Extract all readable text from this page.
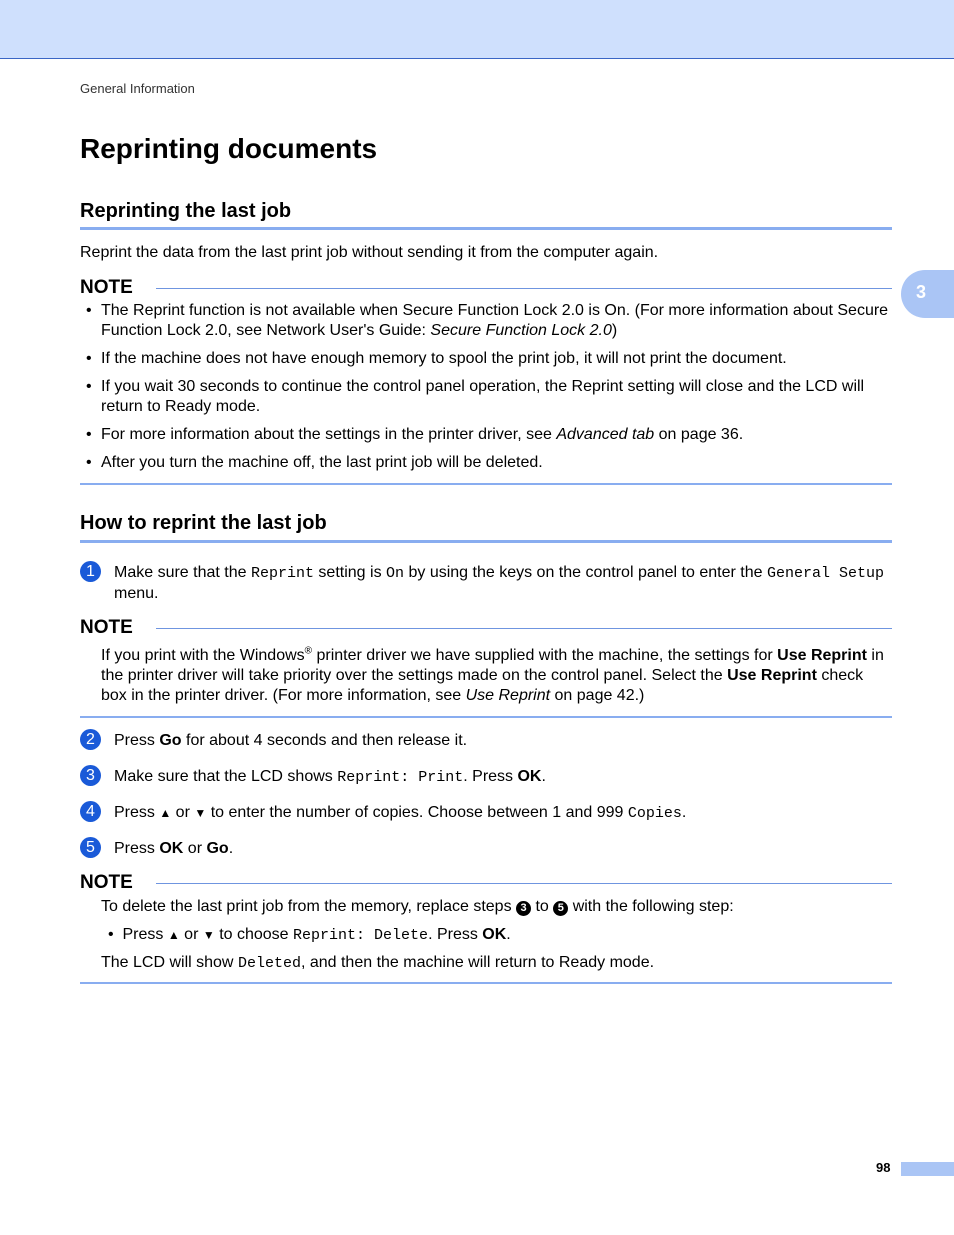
General Information
3
Reprinting documents
Reprinting the last job
Reprint the data from the last print job without sending it from the computer again.
NOTE
• The Reprint function is not available when Secure Function Lock 2.0 is On. (For more information about Secure Function Lock 2.0, see Network User's Guide: Secure Function Lock 2.0)
• If the machine does not have enough memory to spool the print job, it will not print the document.
• If you wait 30 seconds to continue the control panel operation, the Reprint setting will close and the LCD will return to Ready mode.
• For more information about the settings in the printer driver, see Advanced tab on page 36.
• After you turn the machine off, the last print job will be deleted.
How to reprint the last job
1	Make sure that the Reprint setting is On by using the keys on the control panel to enter the General Setup menu.
NOTE
If you print with the Windows® printer driver we have supplied with the machine, the settings for Use Reprint in the printer driver will take priority over the settings made on the control panel. Select the Use Reprint check box in the printer driver. (For more information, see Use Reprint on page 42.)
2	Press Go for about 4 seconds and then release it.
3	Make sure that the LCD shows Reprint: Print. Press OK.
4	Press ▲ or ▼ to enter the number of copies. Choose between 1 and 999 Copies.
5	Press OK or Go.
NOTE
To delete the last print job from the memory, replace steps 3 to 5 with the following step:
•  Press ▲ or ▼ to choose Reprint: Delete. Press OK.
The LCD will show Deleted, and then the machine will return to Ready mode.
98
